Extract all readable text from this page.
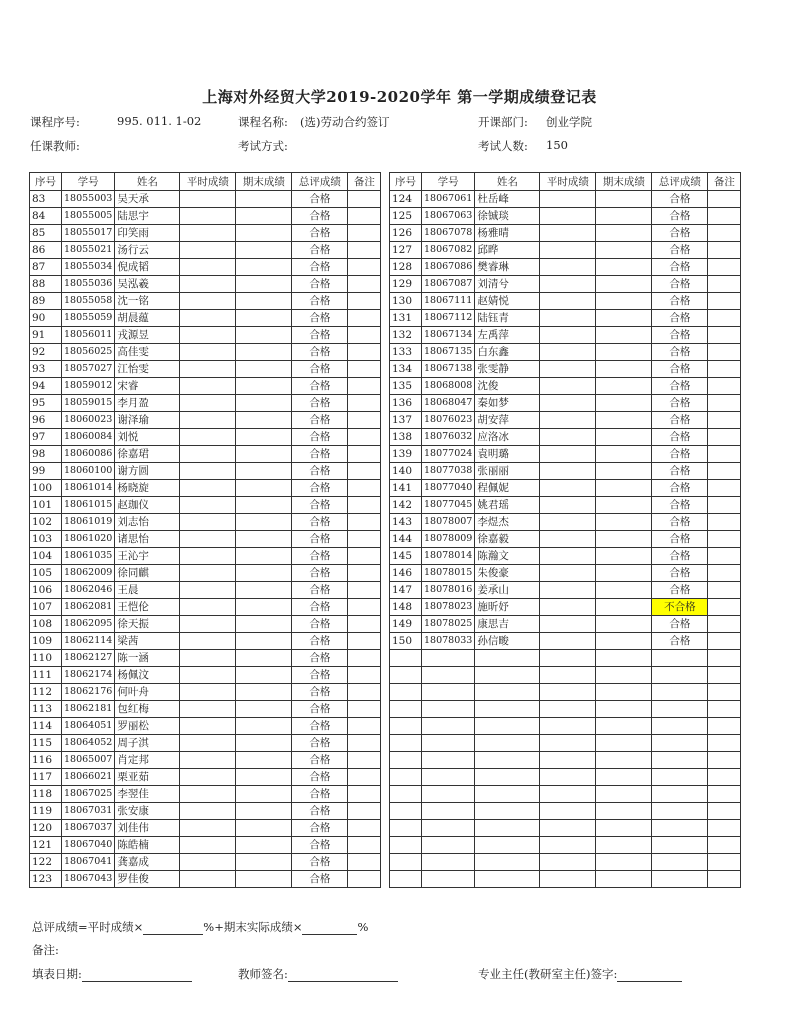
上海对外经贸大学2019-2020学年 第一学期成绩登记表
课程序号:	995. 011. 1-02	课程名称: (选)劳动合约签订	开课部门: 创业学院
任课教师:	考试方式:	考试人数: 150
序号	学号	姓名	平时成绩	期末成绩	总评成绩	备注
83	18055003	吴天承			合格	
84	18055005	陆思宇			合格	
85	18055017	印笑雨			合格	
86	18055021	汤行云			合格	
87	18055034	倪成韬			合格	
88	18055036	吴泓羲			合格	
89	18055058	沈一铭			合格	
90	18055059	胡晨蕴			合格	
91	18056011	戎源昱			合格	
92	18056025	高佳雯			合格	
93	18057027	江怡雯			合格	
94	18059012	宋睿			合格	
95	18059015	李月盈			合格	
96	18060023	谢泽瑜			合格	
97	18060084	刘悦			合格	
98	18060086	徐嘉珺			合格	
99	18060100	谢方圆			合格	
100	18061014	杨晓旋			合格	
101	18061015	赵珈仪			合格	
102	18061019	刘志怡			合格	
103	18061020	诸思怡			合格	
104	18061035	王沁宇			合格	
105	18062009	徐同麒			合格	
106	18062046	王晨			合格	
107	18062081	王恺伦			合格	
108	18062095	徐天振			合格	
109	18062114	梁茜			合格	
110	18062127	陈一涵			合格	
111	18062174	杨佩汶			合格	
112	18062176	何叶舟			合格	
113	18062181	包红梅			合格	
114	18064051	罗丽松			合格	
115	18064052	周子淇			合格	
116	18065007	肖定邦			合格	
117	18066021	栗亚茹			合格	
118	18067025	李翌佳			合格	
119	18067031	张安康			合格	
120	18067037	刘佳伟			合格	
121	18067040	陈皓楠			合格	
122	18067041	龚嘉成			合格	
123	18067043	罗佳俊			合格	
序号	学号	姓名	平时成绩	期末成绩	总评成绩	备注
124	18067061	杜岳峰			合格	
125	18067063	徐铖琰			合格	
126	18067078	杨雅晴			合格	
127	18067082	邱晔			合格	
128	18067086	樊睿琳			合格	
129	18067087	刘清兮			合格	
130	18067111	赵婧悦			合格	
131	18067112	陆钰青			合格	
132	18067134	左禹萍			合格	
133	18067135	白东鑫			合格	
134	18067138	张雯静			合格	
135	18068008	沈俊			合格	
136	18068047	秦如梦			合格	
137	18076023	胡安萍			合格	
138	18076032	应洛冰			合格	
139	18077024	袁明璐			合格	
140	18077038	张丽丽			合格	
141	18077040	程佩妮			合格	
142	18077045	姚君瑶			合格	
143	18078007	李煜杰			合格	
144	18078009	徐嘉毅			合格	
145	18078014	陈瀚文			合格	
146	18078015	朱俊豪			合格	
147	18078016	姜承山			合格	
148	18078023	施昕妤			不合格	
149	18078025	康思吉			合格	
150	18078033	孙信畯			合格	

总评成绩=平时成绩×	%+期末实际成绩×	%
备注:
填表日期:	教师签名:	专业主任(教研室主任)签字:
